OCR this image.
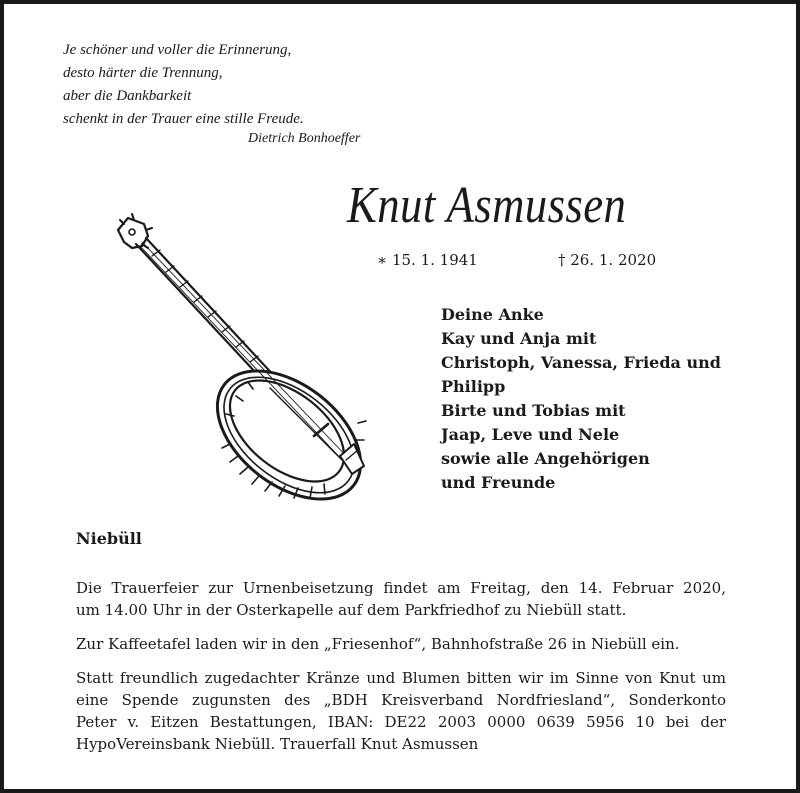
Je schöner und voller die Erinnerung,
desto härter die Trennung,
aber die Dankbarkeit
schenkt in der Trauer eine stille Freude.
Dietrich Bonhoeffer
Knut Asmussen
∗ 15. 1. 1941	† 26. 1. 2020
Deine Anke
Kay und Anja mit
Christoph, Vanessa, Frieda und
Philipp
Birte und Tobias mit
Jaap, Leve und Nele
sowie alle Angehörigen
und Freunde
Niebüll
Die Trauerfeier zur Urnenbeisetzung findet am Freitag, den 14. Februar 2020,
um 14.00 Uhr in der Osterkapelle auf dem Parkfriedhof zu Niebüll statt.
Zur Kaffeetafel laden wir in den „Friesenhof“, Bahnhofstraße 26 in Niebüll ein.
Statt freundlich zugedachter Kränze und Blumen bitten wir im Sinne von Knut um
eine Spende zugunsten des „BDH Kreisverband Nordfriesland“, Sonderkonto
Peter v. Eitzen Bestattungen, IBAN: DE22 2003 0000 0639 5956 10 bei der
HypoVereinsbank Niebüll. Trauerfall Knut Asmussen
